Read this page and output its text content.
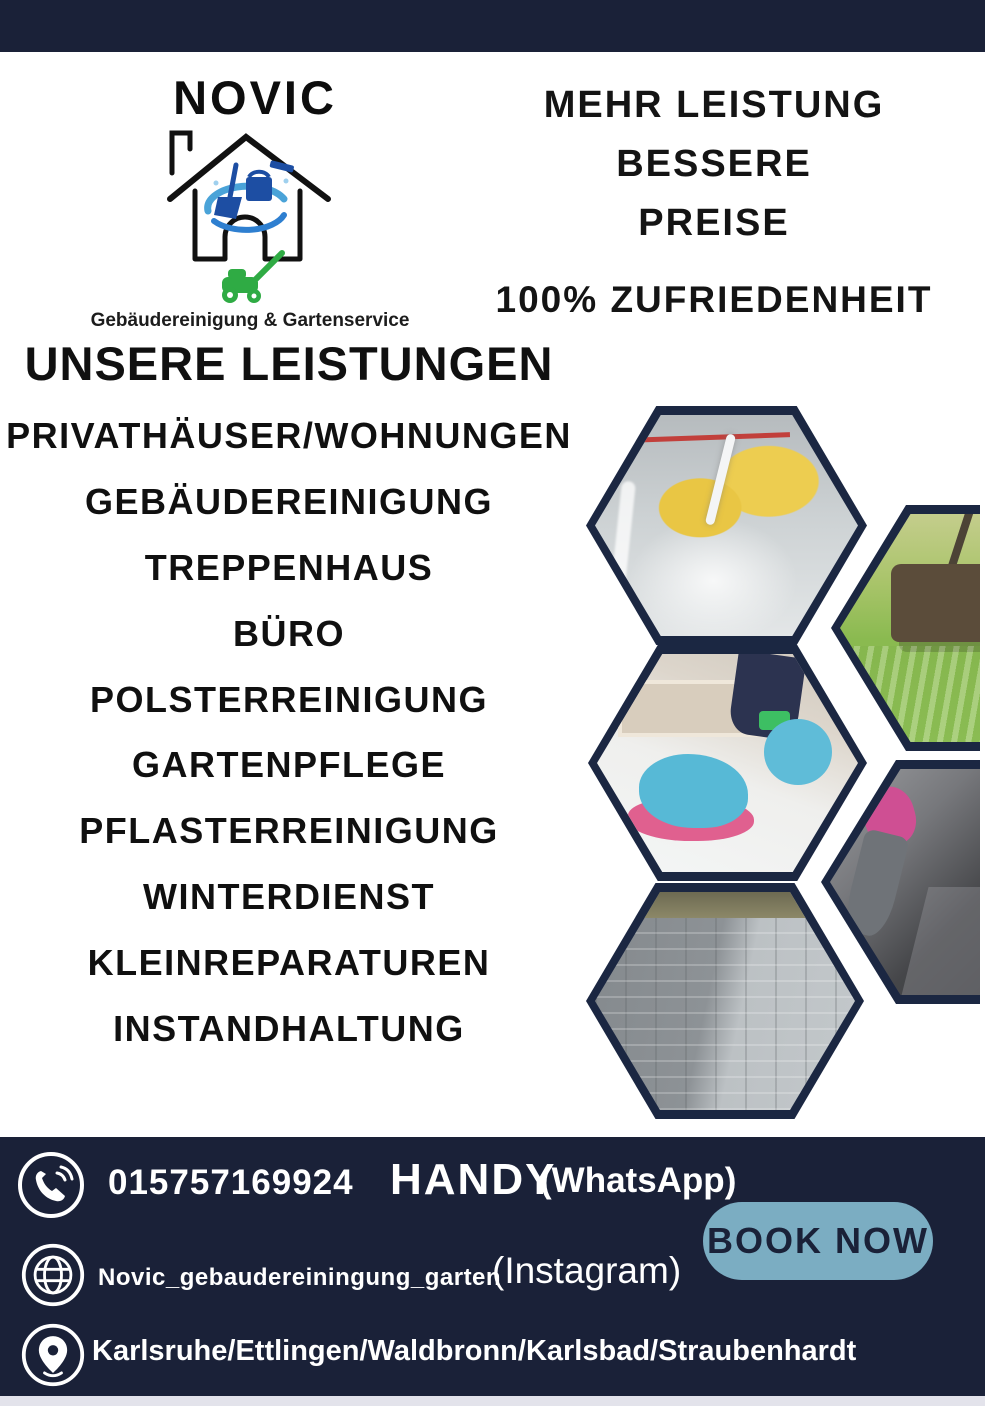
NOVIC
Gebäudereinigung & Gartenservice
MEHR LEISTUNG BESSERE
PREISE
100% ZUFRIEDENHEIT
UNSERE LEISTUNGEN
PRIVATHÄUSER/WOHNUNGEN
GEBÄUDEREINIGUNG
TREPPENHAUS
BÜRO
POLSTERREINIGUNG
GARTENPFLEGE
PFLASTERREINIGUNG
WINTERDIENST
KLEINREPARATUREN
INSTANDHALTUNG
015757169924 HANDY
(WhatsApp)
BOOK NOW
Novic_gebaudereiningung_garten
(Instagram)
Karlsruhe/Ettlingen/Waldbronn/Karlsbad/Straubenhardt
